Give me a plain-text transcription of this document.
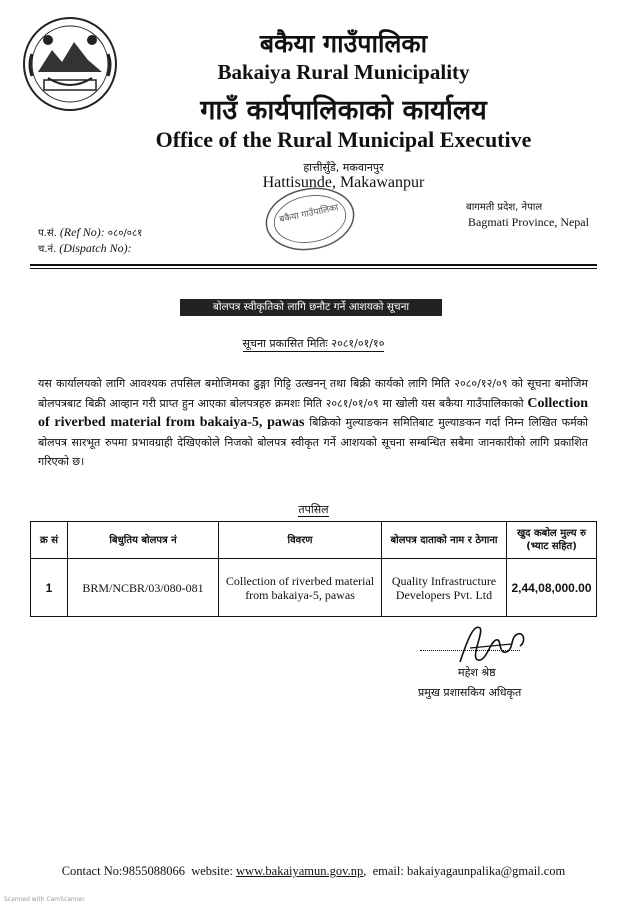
बकैया गाउँपालिका
Bakaiya Rural Municipality
गाउँ कार्यपालिकाको कार्यालय
Office of the Rural Municipal Executive
हात्तीसुँडे, मकवानपुर
Hattisunde, Makawanpur
बकैया गाउँपालिका	बागमती प्रदेश, नेपाल
Bagmati Province, Nepal
प.सं. (Ref No): ०८०/०८१
च.नं. (Dispatch No):
बोलपत्र स्वीकृतिको लागि छनौट गर्ने आशयको सूचना
सूचना प्रकासित मितिः २०८१/०१/१०
यस कार्यालयको लागि आवश्यक तपसिल बमोजिमका ढुङ्गा गिट्टि उत्खनन् तथा बिक्री कार्यको लागि मिति २०८०/१२/०९ को सूचना बमोजिम बोलपत्रबाट बिक्री आव्हान गरी प्राप्त हुन आएका बोलपत्रहरु क्रमशः मिति २०८१/०१/०९ मा खोली यस बकैया गाउँपालिकाको Collection of riverbed material from bakaiya-5, pawas बिक्रिको मुल्याङकन समितिबाट मुल्याङकन गर्दा निम्न लिखित फर्मको बोलपत्र सारभूत रुपमा प्रभावग्राही देखिएकोले निजको बोलपत्र स्वीकृत गर्ने आशयको सूचना सम्बन्धित सबैमा जानकारीको लागि प्रकाशित गरिएको छ।
तपसिल
क्र सं	बिधुतिय बोलपत्र नं	विवरण	बोलपत्र दाताको नाम र ठेगाना	खुद कबोल मुल्य रु (भ्याट सहित)
1	BRM/NCBR/03/080-081	Collection of riverbed material from bakaiya-5, pawas	Quality Infrastructure Developers Pvt. Ltd	2,44,08,000.00
महेश श्रेष्ठ
प्रमुख प्रशासकिय अधिकृत
Contact No:9855088066 website: www.bakaiyamun.gov.np,  email: bakaiyagaunpalika@gmail.com
Scanned with CamScanner
